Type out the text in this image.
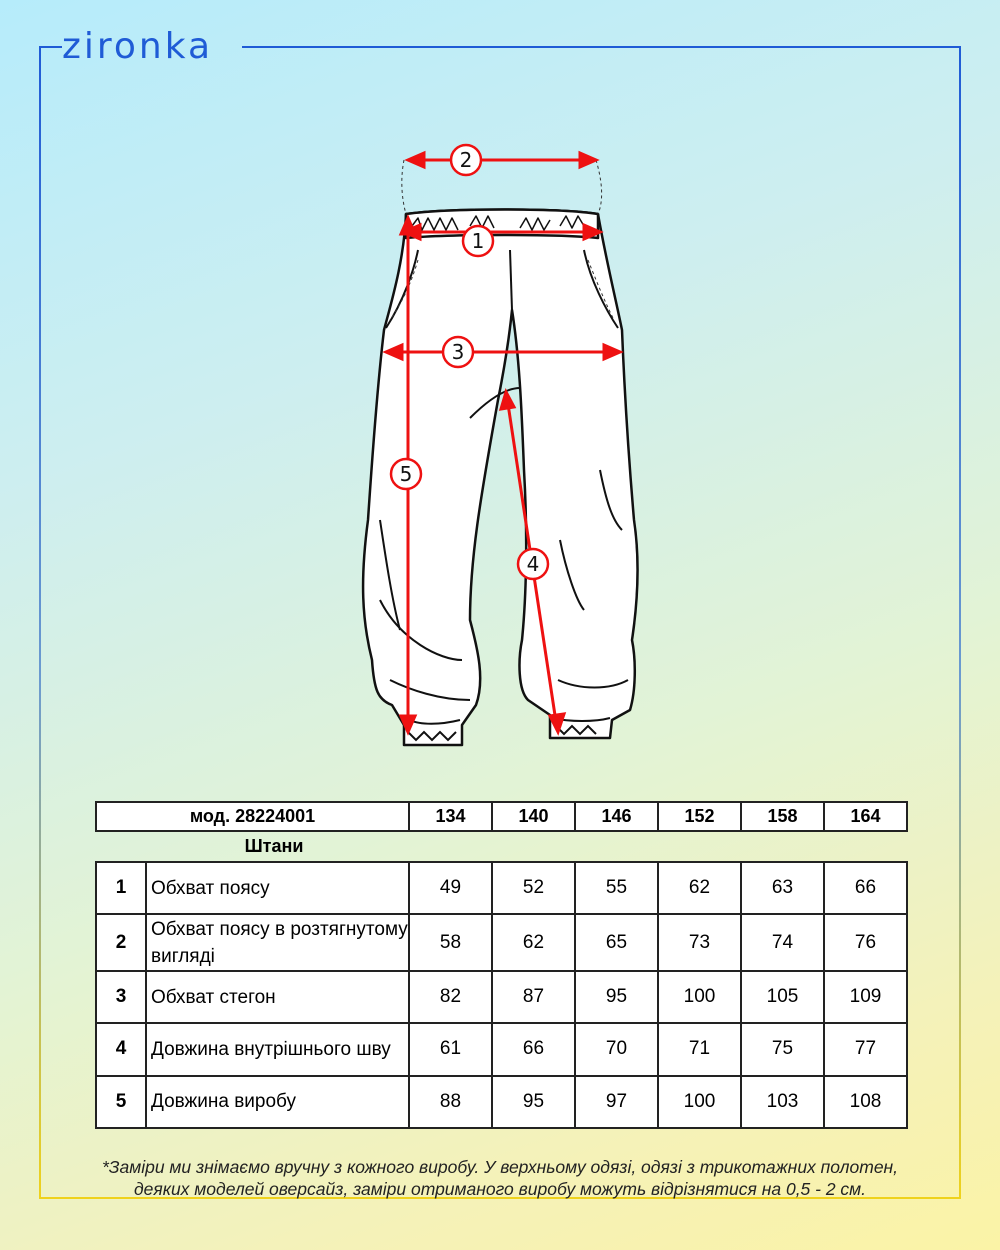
zironka
2
1
3
4
5
мод. 28224001	134	140	146	152	158	164
Штани
1	Обхват поясу	49	52	55	62	63	66
2	Обхват поясу в розтягнутому вигляді	58	62	65	73	74	76
3	Обхват стегон	82	87	95	100	105	109
4	Довжина внутрішнього шву	61	66	70	71	75	77
5	Довжина виробу	88	95	97	100	103	108
*Заміри ми знімаємо вручну з кожного виробу. У верхньому одязі, одязі з трикотажних полотен,
деяких моделей оверсайз, заміри отриманого виробу можуть відрізнятися на 0,5 - 2 см.
